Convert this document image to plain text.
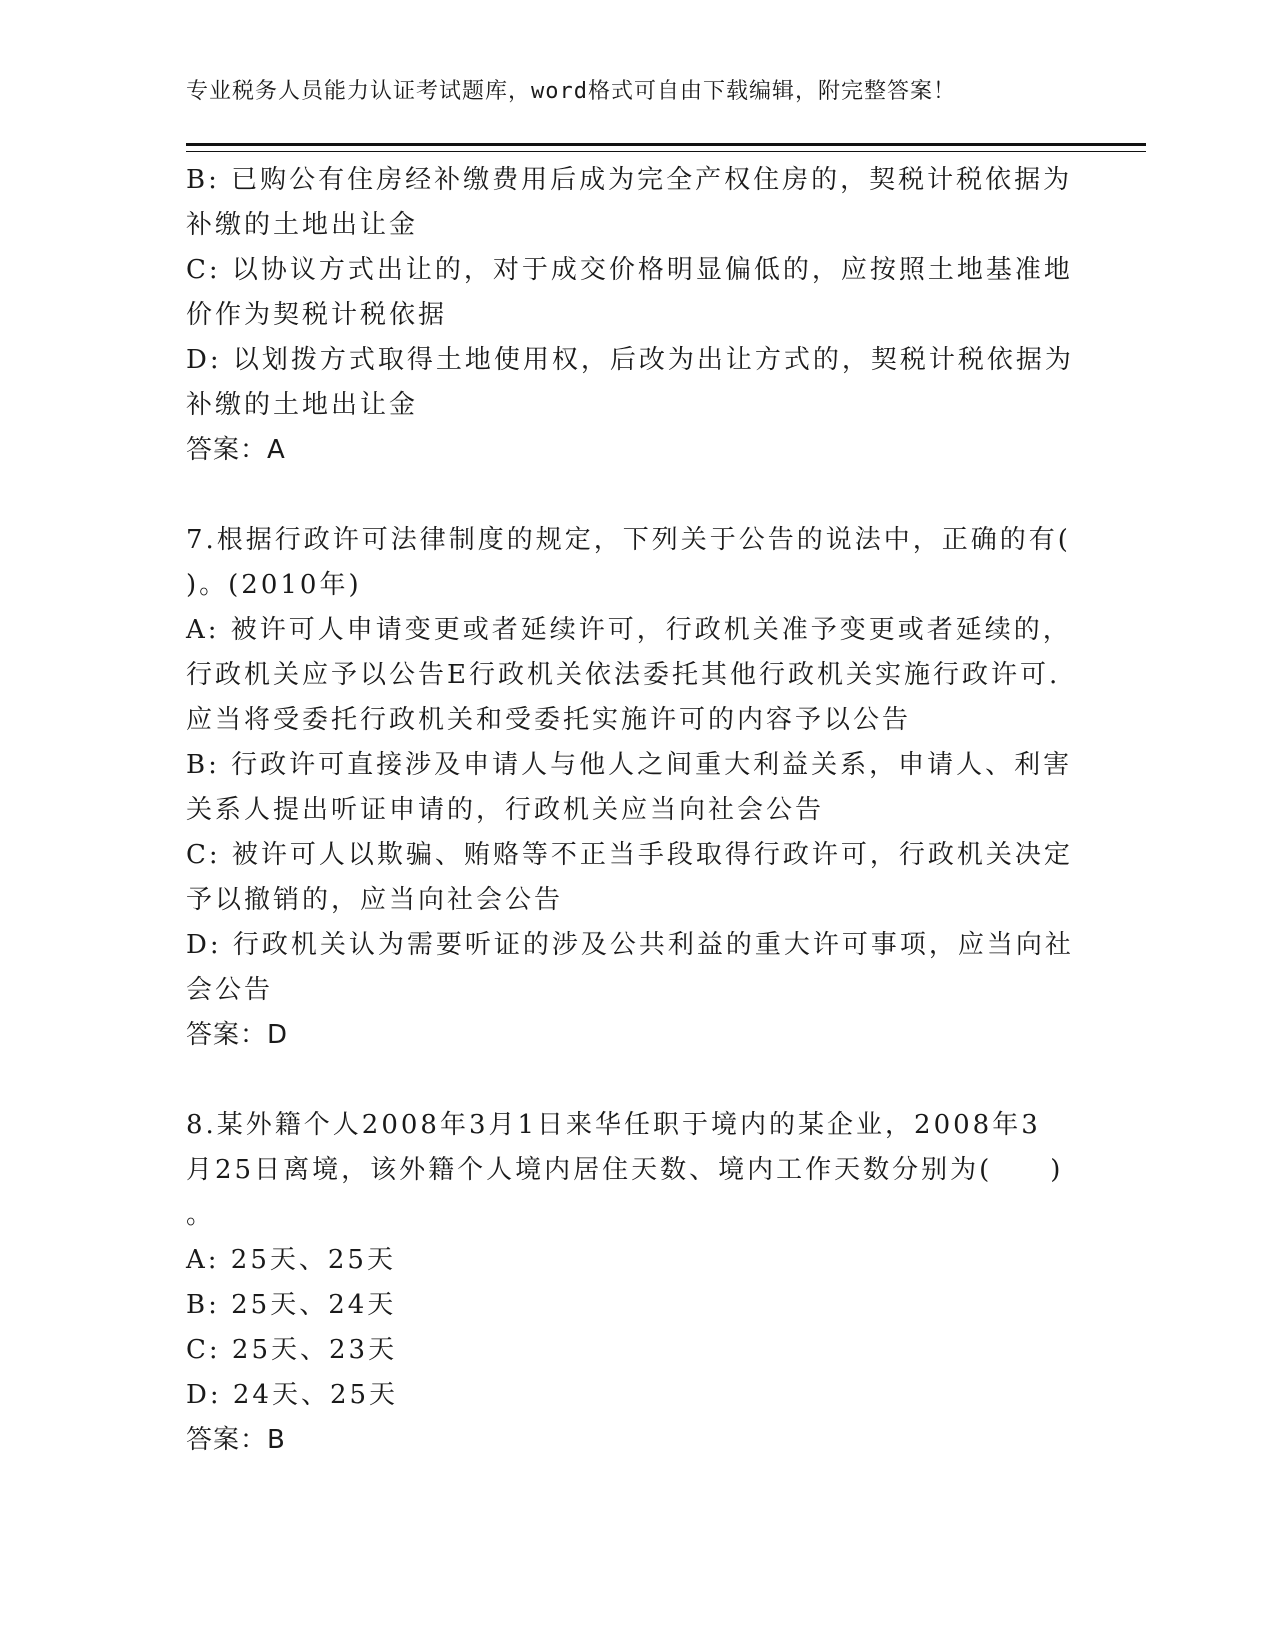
专业税务人员能力认证考试题库，word格式可自由下载编辑，附完整答案！
B: 已购公有住房经补缴费用后成为完全产权住房的，契税计税依据为
补缴的土地出让金
C: 以协议方式出让的，对于成交价格明显偏低的，应按照土地基准地
价作为契税计税依据
D: 以划拨方式取得土地使用权，后改为出让方式的，契税计税依据为
补缴的土地出让金
答案：A
7.根据行政许可法律制度的规定，下列关于公告的说法中，正确的有(
)。(2010年)
A: 被许可人申请变更或者延续许可，行政机关准予变更或者延续的，
行政机关应予以公告E行政机关依法委托其他行政机关实施行政许可.
应当将受委托行政机关和受委托实施许可的内容予以公告
B: 行政许可直接涉及申请人与他人之间重大利益关系，申请人、利害
关系人提出听证申请的，行政机关应当向社会公告
C: 被许可人以欺骗、贿赂等不正当手段取得行政许可，行政机关决定
予以撤销的，应当向社会公告
D: 行政机关认为需要听证的涉及公共利益的重大许可事项，应当向社
会公告
答案：D
8.某外籍个人2008年3月1日来华任职于境内的某企业，2008年3
月25日离境，该外籍个人境内居住天数、境内工作天数分别为(　　)
。
A: 25天、25天
B: 25天、24天
C: 25天、23天
D: 24天、25天
答案：B
